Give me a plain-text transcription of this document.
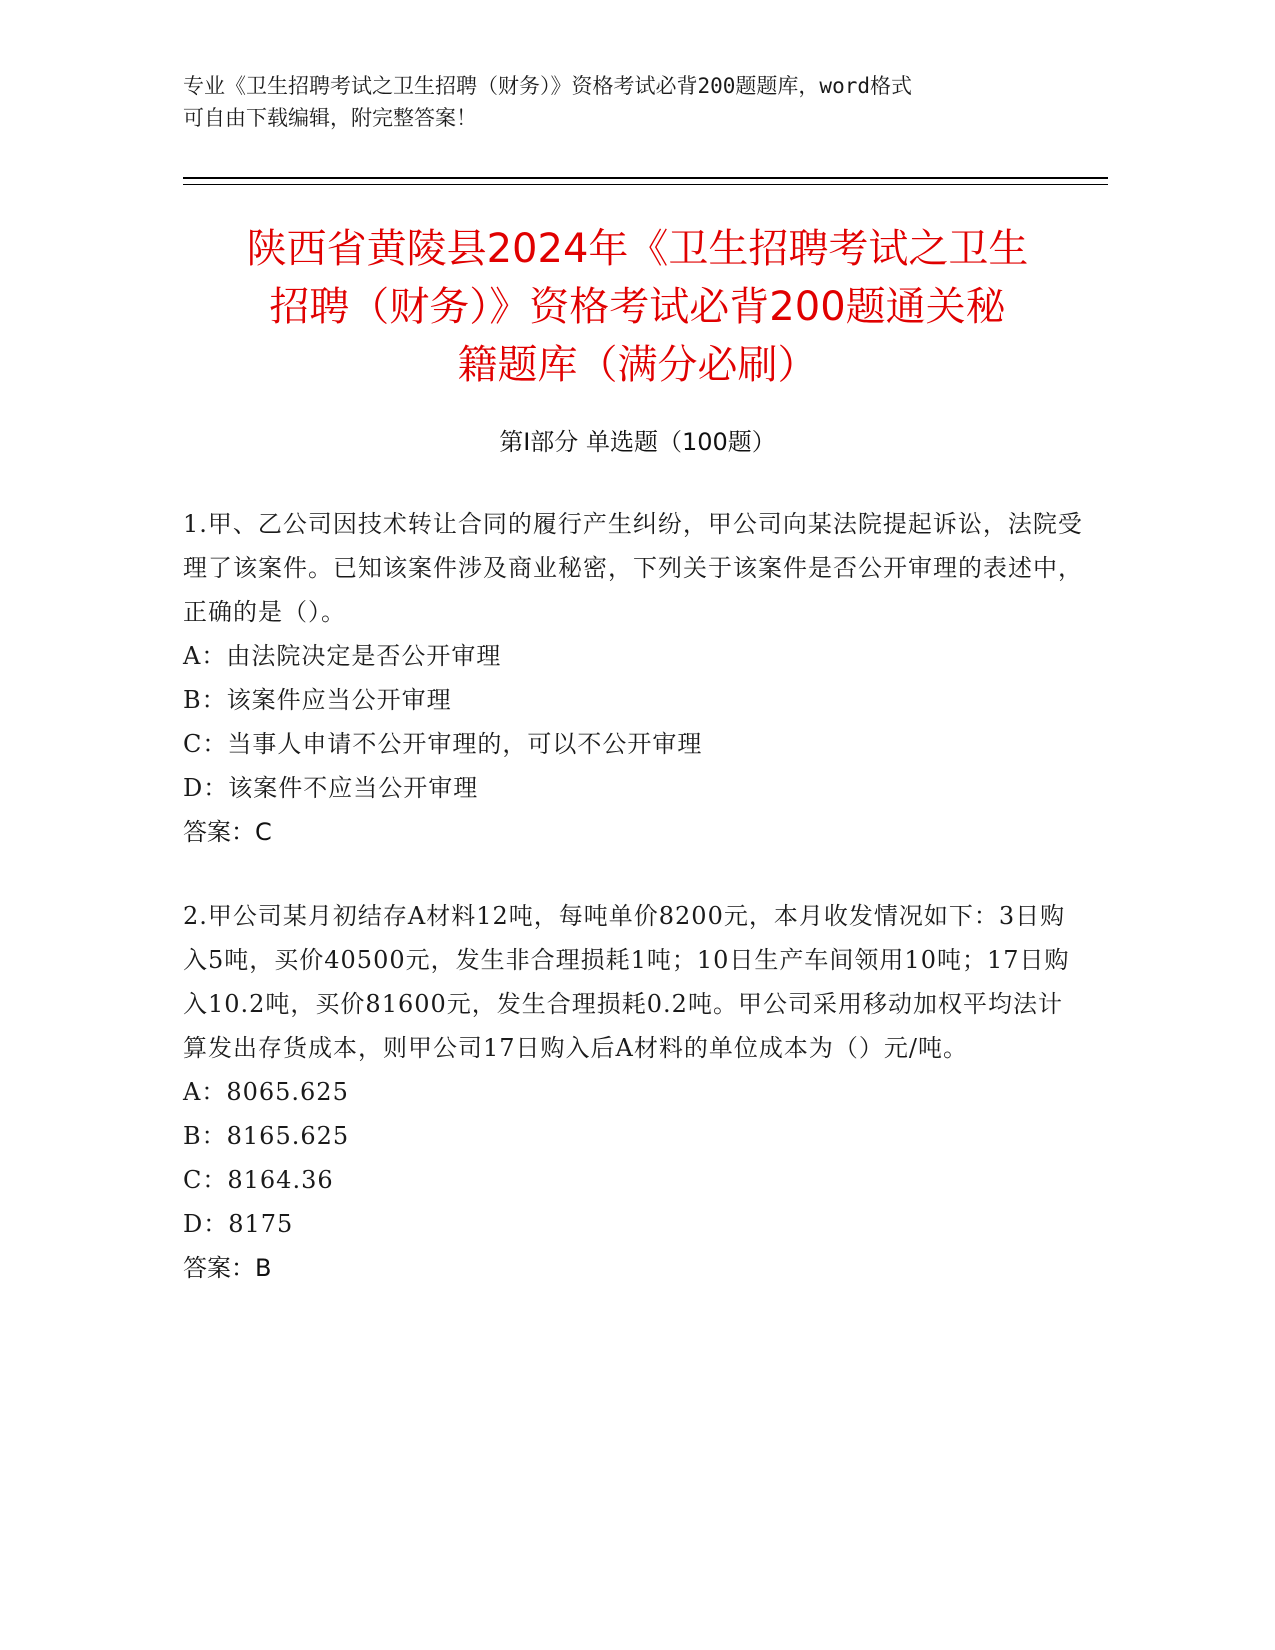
专业《卫生招聘考试之卫生招聘（财务）》资格考试必背200题题库，word格式
可自由下载编辑，附完整答案！
陕西省黄陵县2024年《卫生招聘考试之卫生
招聘（财务）》资格考试必背200题通关秘
籍题库（满分必刷）
第Ⅰ部分 单选题（100题）
1.甲、乙公司因技术转让合同的履行产生纠纷，甲公司向某法院提起诉讼，法院受理了该案件。已知该案件涉及商业秘密，下列关于该案件是否公开审理的表述中，正确的是（）。
A：由法院决定是否公开审理
B：该案件应当公开审理
C：当事人申请不公开审理的，可以不公开审理
D：该案件不应当公开审理
答案：C
2.甲公司某月初结存A材料12吨，每吨单价8200元，本月收发情况如下：3日购入5吨，买价40500元，发生非合理损耗1吨；10日生产车间领用10吨；17日购入10.2吨，买价81600元，发生合理损耗0.2吨。甲公司采用移动加权平均法计算发出存货成本，则甲公司17日购入后A材料的单位成本为（）元/吨。
A：8065.625
B：8165.625
C：8164.36
D：8175
答案：B
